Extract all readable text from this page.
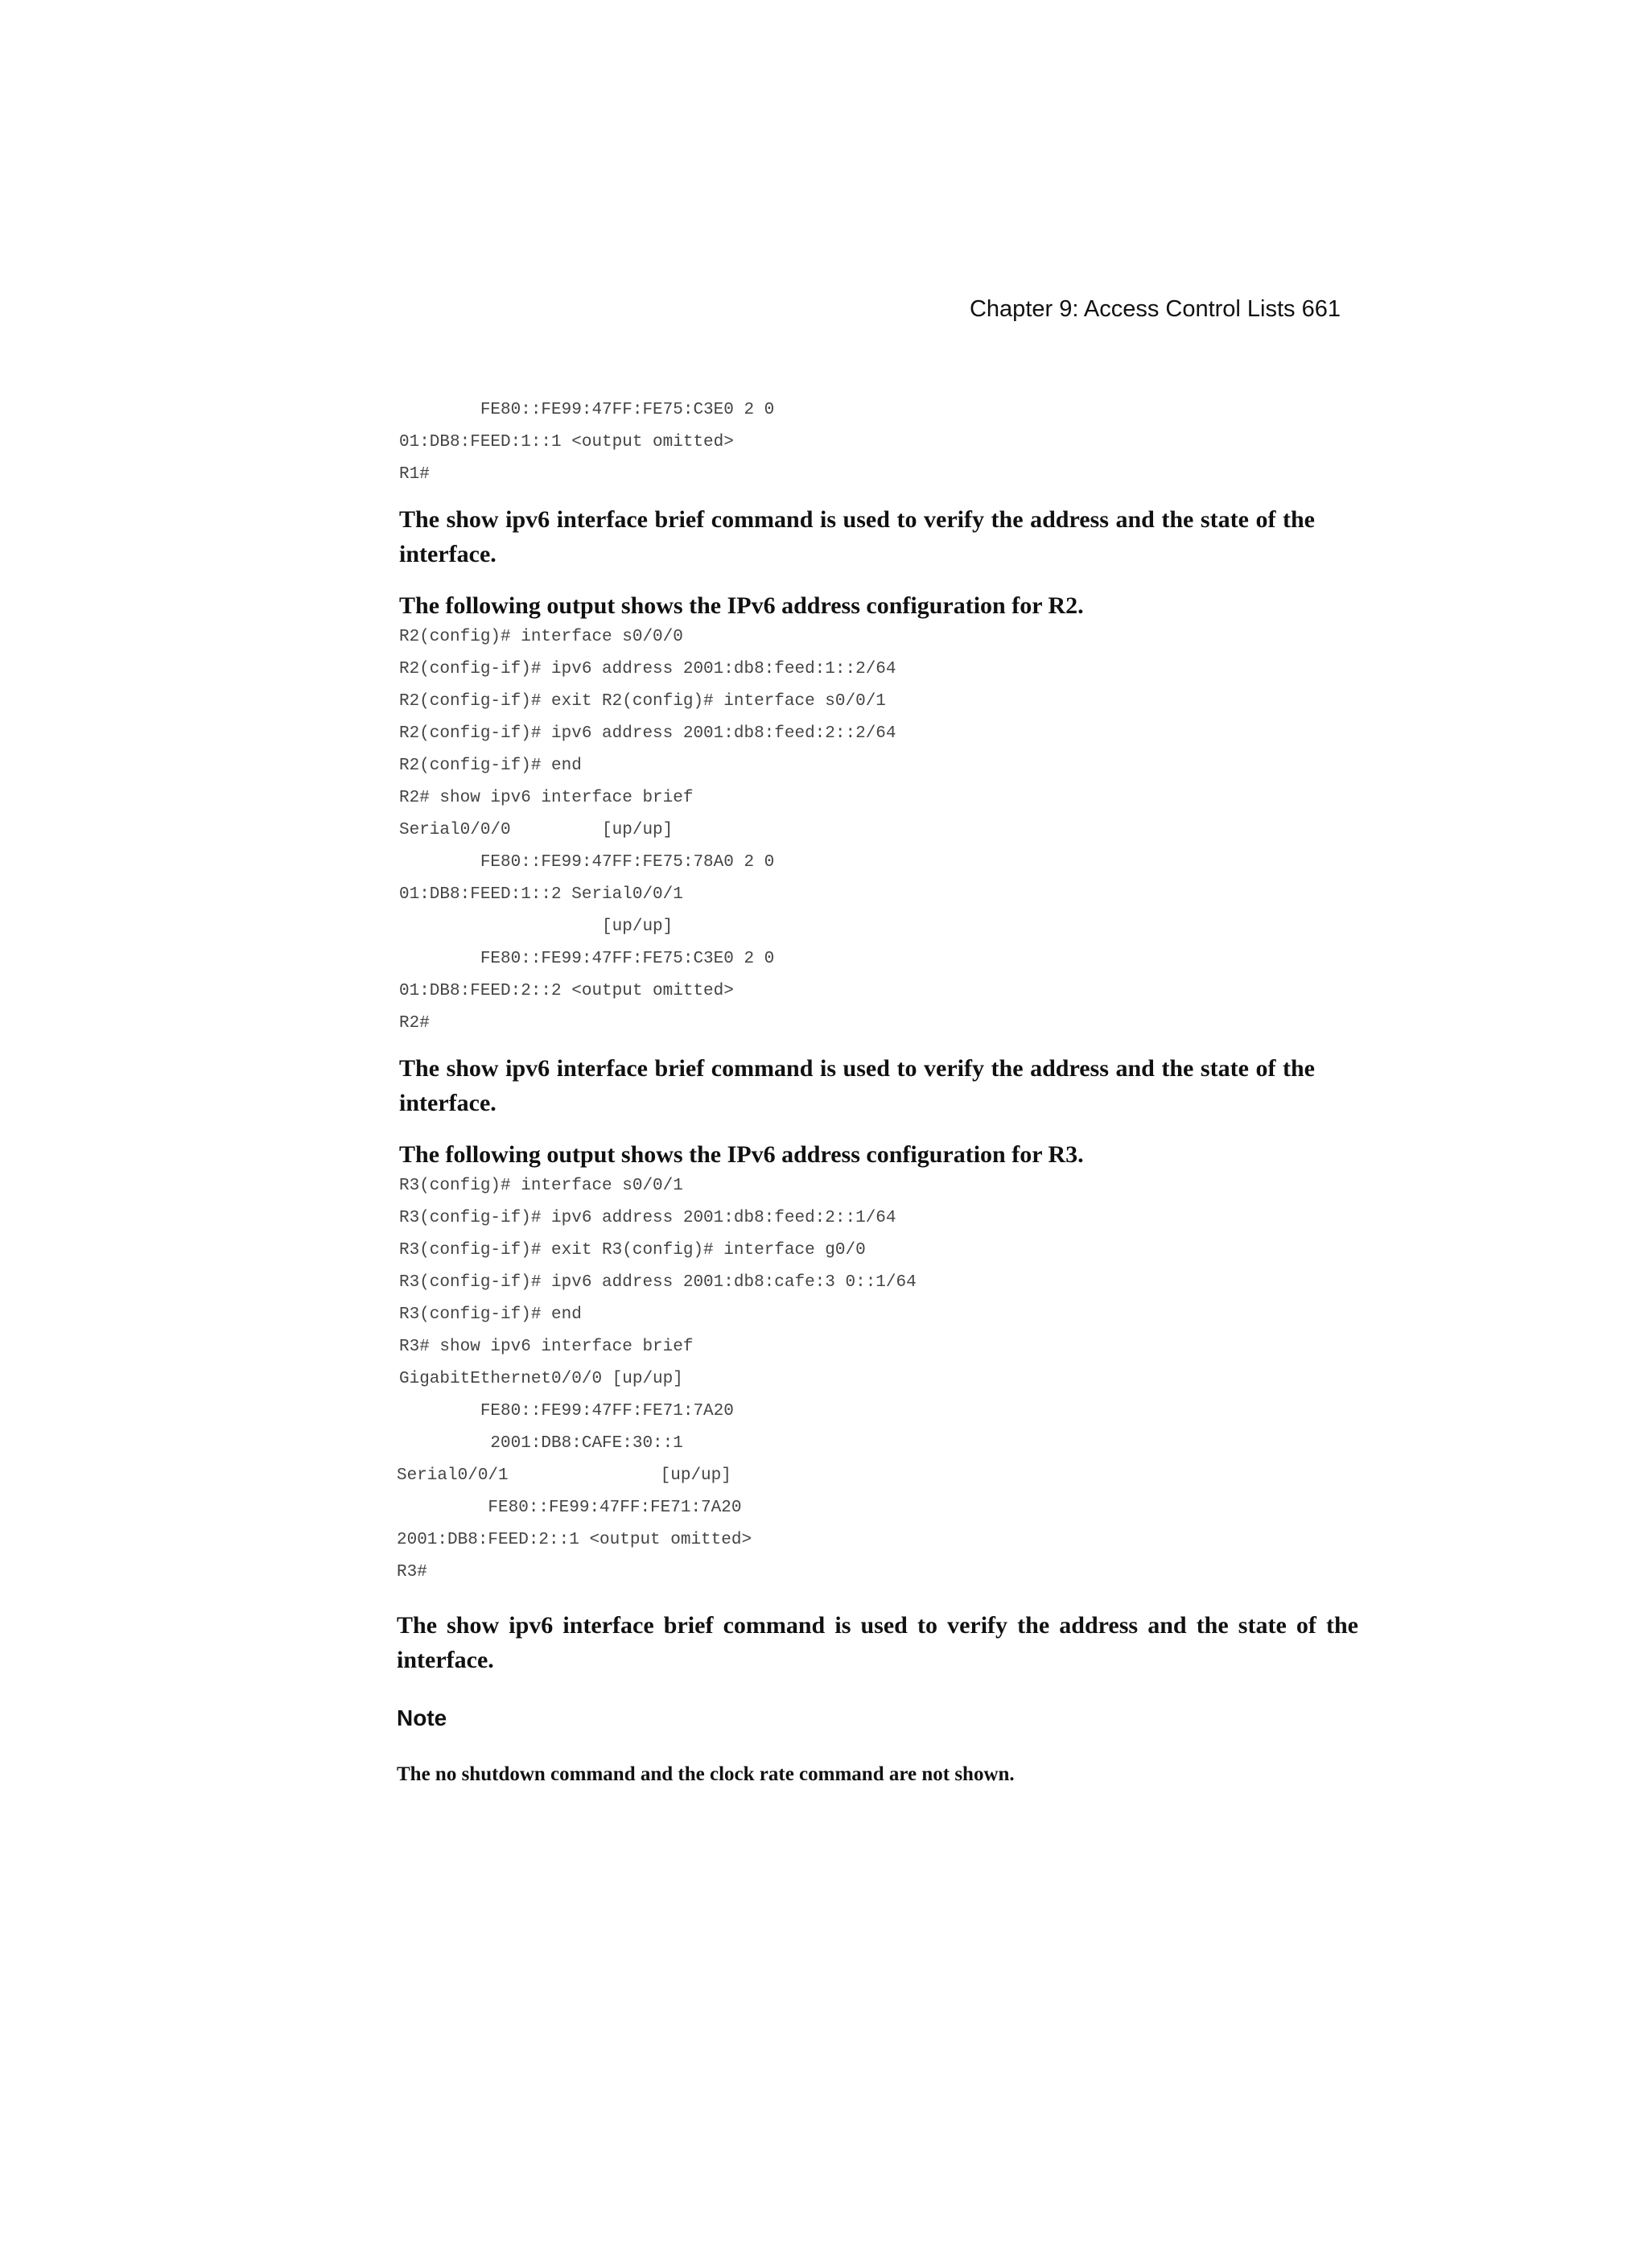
Chapter 9: Access Control Lists 661
FE80::FE99:47FF:FE75:C3E0 2 0
01:DB8:FEED:1::1 <output omitted>
R1#
The show ipv6 interface brief command is used to verify the address and the state of the interface.
The following output shows the IPv6 address configuration for R2.
R2(config)# interface s0/0/0
R2(config-if)# ipv6 address 2001:db8:feed:1::2/64
R2(config-if)# exit R2(config)# interface s0/0/1
R2(config-if)# ipv6 address 2001:db8:feed:2::2/64
R2(config-if)# end
R2# show ipv6 interface brief
Serial0/0/0         [up/up]
FE80::FE99:47FF:FE75:78A0 2 0
01:DB8:FEED:1::2 Serial0/0/1
[up/up]
FE80::FE99:47FF:FE75:C3E0 2 0
01:DB8:FEED:2::2 <output omitted>
R2#
The show ipv6 interface brief command is used to verify the address and the state of the interface.
The following output shows the IPv6 address configuration for R3.
R3(config)# interface s0/0/1
R3(config-if)# ipv6 address 2001:db8:feed:2::1/64
R3(config-if)# exit R3(config)# interface g0/0
R3(config-if)# ipv6 address 2001:db8:cafe:3 0::1/64
R3(config-if)# end
R3# show ipv6 interface brief
GigabitEthernet0/0/0 [up/up]
FE80::FE99:47FF:FE71:7A20
2001:DB8:CAFE:30::1
Serial0/0/1               [up/up]
FE80::FE99:47FF:FE71:7A20
2001:DB8:FEED:2::1 <output omitted>
R3#
The show ipv6 interface brief command is used to verify the address and the state of the interface.
Note
The no shutdown command and the clock rate command are not shown.
